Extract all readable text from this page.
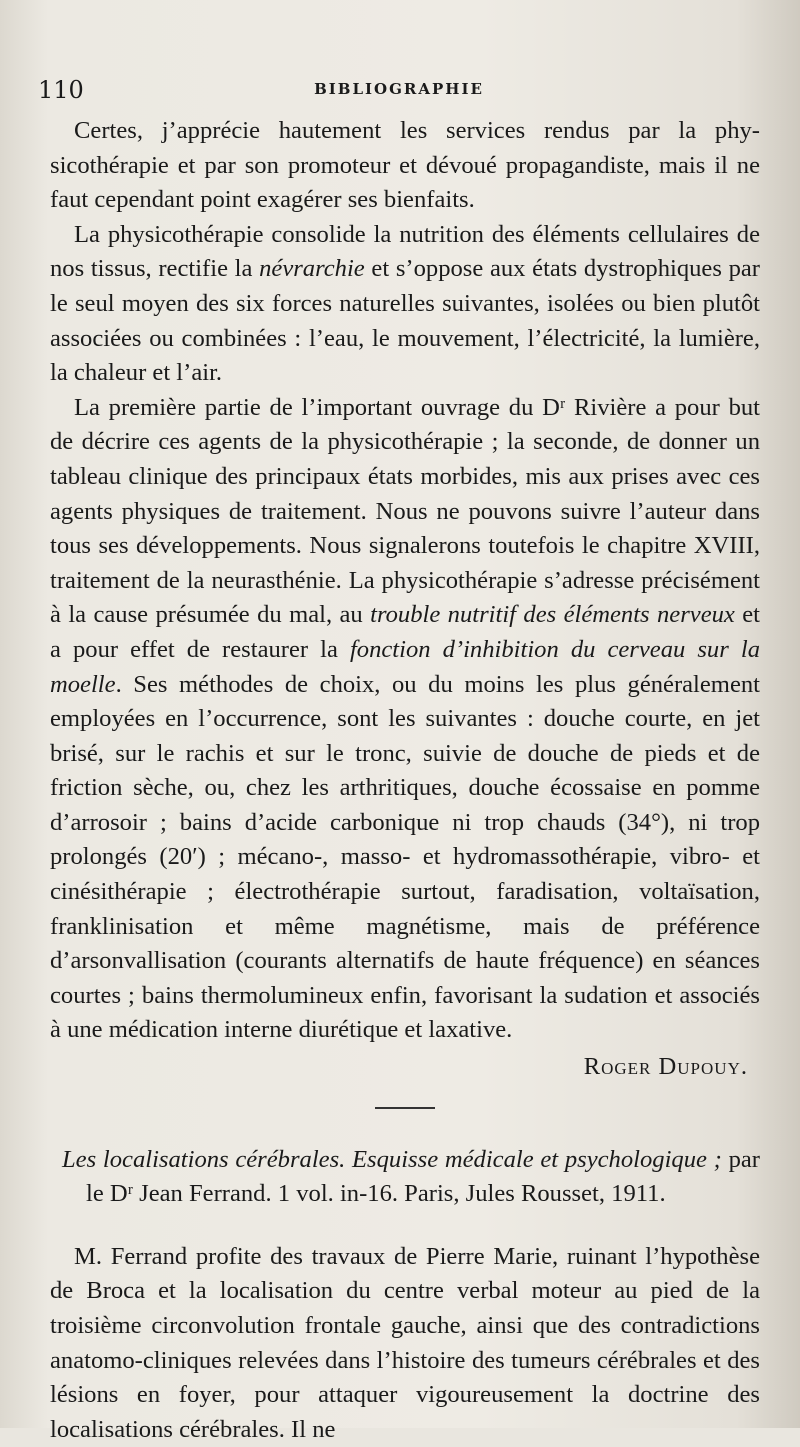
110	BIBLIOGRAPHIE

Certes, j’apprécie hautement les services rendus par la physicothérapie et par son promoteur et dévoué propagandiste, mais il ne faut cependant point exagérer ses bienfaits.

La physicothérapie consolide la nutrition des éléments cellulaires de nos tissus, rectifie la névrarchie et s’oppose aux états dystrophiques par le seul moyen des six forces naturelles suivantes, isolées ou bien plutôt associées ou combinées : l’eau, le mouvement, l’électricité, la lumière, la chaleur et l’air.

La première partie de l’important ouvrage du Dʳ Rivière a pour but de décrire ces agents de la physicothérapie ; la seconde, de donner un tableau clinique des principaux états morbides, mis aux prises avec ces agents physiques de traitement. Nous ne pouvons suivre l’auteur dans tous ses développements. Nous signalerons toutefois le chapitre XVIII, traitement de la neurasthénie. La physicothérapie s’adresse précisément à la cause présumée du mal, au trouble nutritif des éléments nerveux et a pour effet de restaurer la fonction d’inhibition du cerveau sur la moelle. Ses méthodes de choix, ou du moins les plus généralement employées en l’occurrence, sont les suivantes : douche courte, en jet brisé, sur le rachis et sur le tronc, suivie de douche de pieds et de friction sèche, ou, chez les arthritiques, douche écossaise en pomme d’arrosoir ; bains d’acide carbonique ni trop chauds (34°), ni trop prolongés (20′) ; mécano-, masso- et hydromassothérapie, vibro- et cinésithérapie ; électrothérapie surtout, faradisation, voltaïsation, franklinisation et même magnétisme, mais de préférence d’arsonvallisation (courants alternatifs de haute fréquence) en séances courtes ; bains thermolumineux enfin, favorisant la sudation et associés à une médication interne diurétique et laxative.

Roger Dupouy.

Les localisations cérébrales. Esquisse médicale et psychologique ; par le Dʳ Jean Ferrand. 1 vol. in-16. Paris, Jules Rousset, 1911.

M. Ferrand profite des travaux de Pierre Marie, ruinant l’hypothèse de Broca et la localisation du centre verbal moteur au pied de la troisième circonvolution frontale gauche, ainsi que des contradictions anatomo-cliniques relevées dans l’histoire des tumeurs cérébrales et des lésions en foyer, pour attaquer vigoureusement la doctrine des localisations cérébrales. Il ne
